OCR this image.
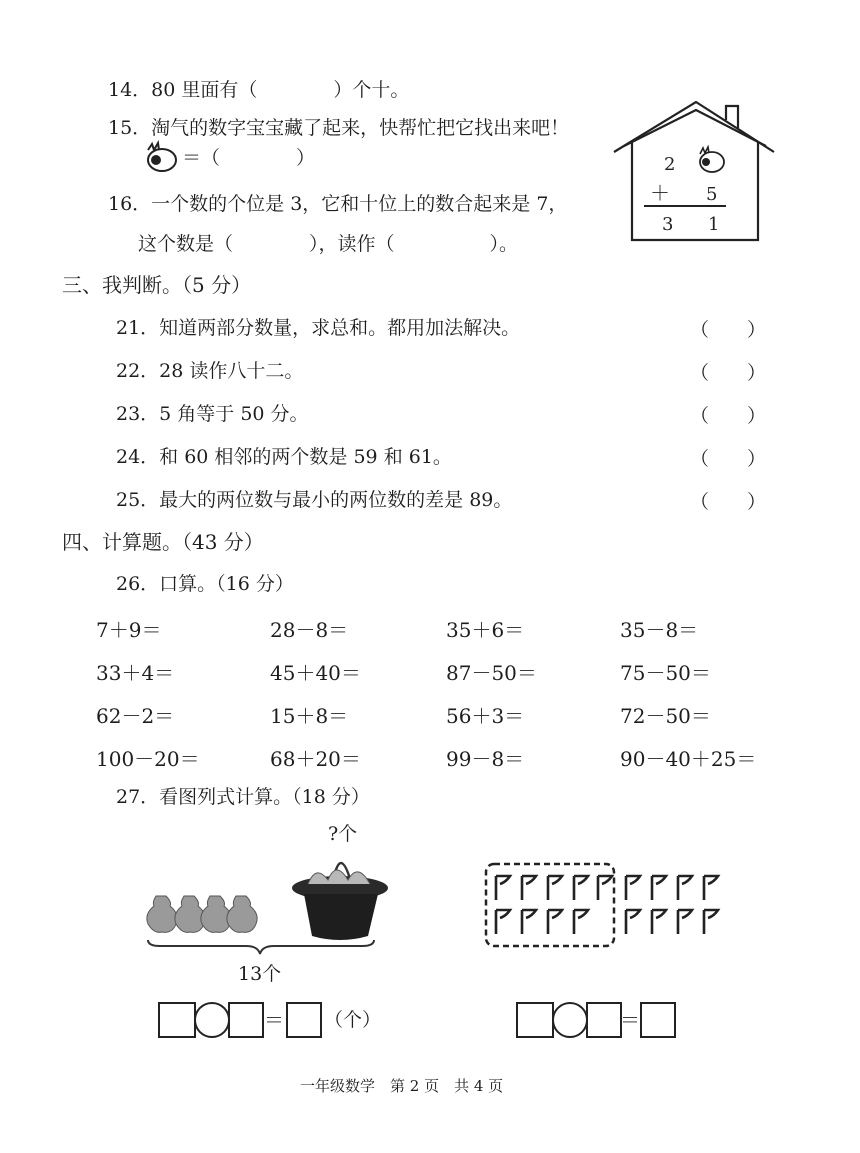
14．80 里面有（　　　　）个十。
15．淘气的数字宝宝藏了起来，快帮忙把它找出来吧！
＝（　　　　）
16．一个数的个位是 3，它和十位上的数合起来是 7，
这个数是（　　　　），读作（　　　　　）。
2
＋ 5
3 1
三、我判断。（5 分）
21．知道两部分数量，求总和。都用加法解决。	（　　）
22．28 读作八十二。	（　　）
23．5 角等于 50 分。	（　　）
24．和 60 相邻的两个数是 59 和 61。	（　　）
25．最大的两位数与最小的两位数的差是 89。	（　　）
四、计算题。（43 分）
26．口算。（16 分）
7＋9＝	28－8＝	35＋6＝	35－8＝
33＋4＝	45＋40＝	87－50＝	75－50＝
62－2＝	15＋8＝	56＋3＝	72－50＝
100－20＝	68＋20＝	99－8＝	90－40＋25＝
27．看图列式计算。（18 分）
?个
13个
＝ （个）	＝
一年级数学　第 2 页　共 4 页
